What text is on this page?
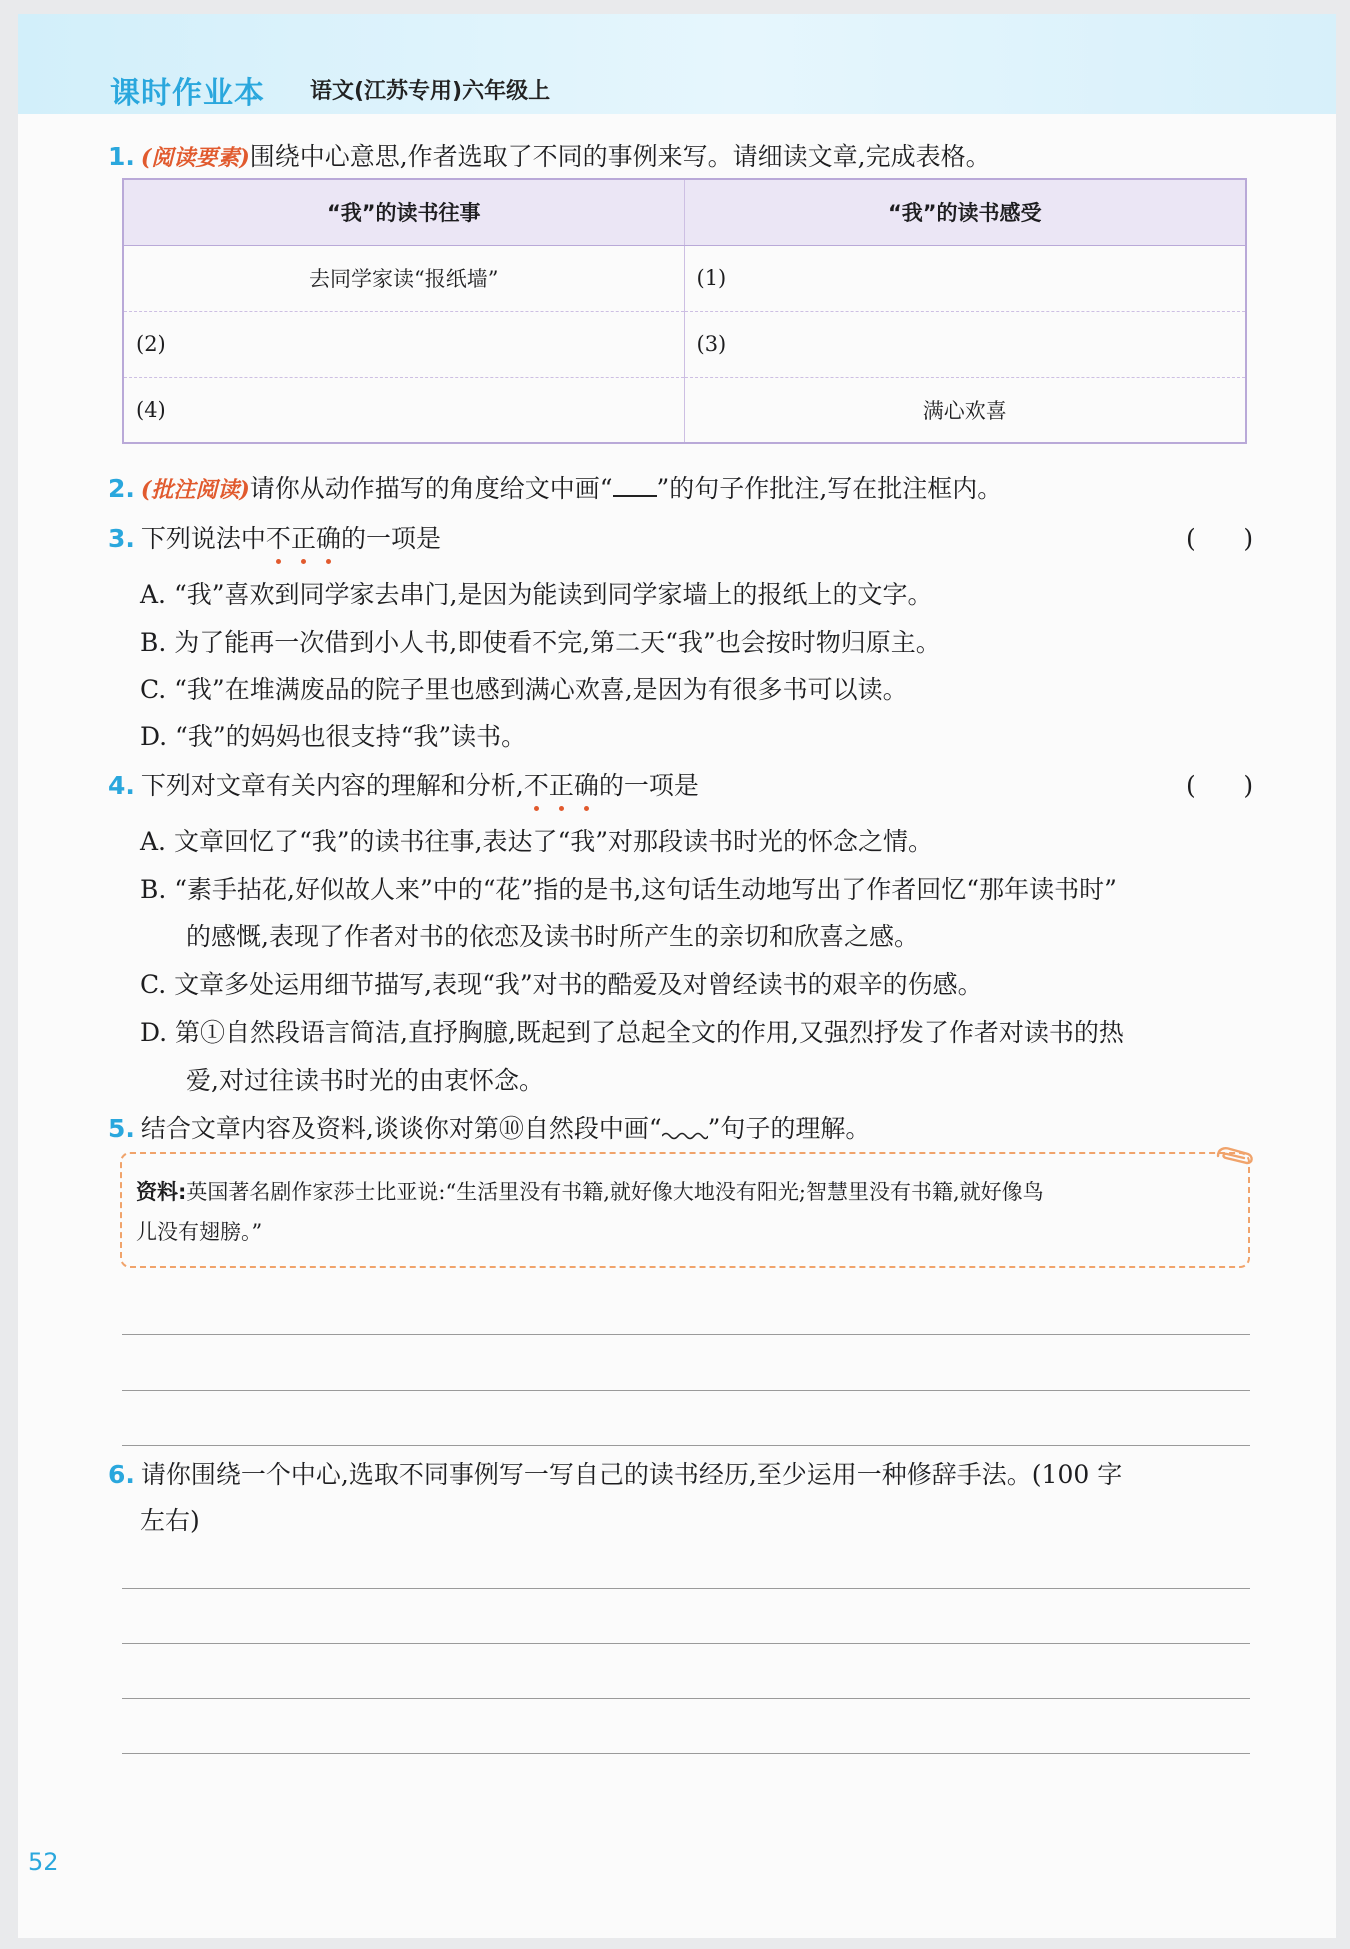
课时作业本 语文(江苏专用)六年级上
1. (阅读要素)围绕中心意思,作者选取了不同的事例来写。请细读文章,完成表格。
“我”的读书往事	“我”的读书感受
去同学家读“报纸墙”	(1)
(2)	(3)
(4)	满心欢喜
2. (批注阅读)请你从动作描写的角度给文中画“ ”的句子作批注,写在批注框内。
3. 下列说法中不正确的一项是	(      )
A. “我”喜欢到同学家去串门,是因为能读到同学家墙上的报纸上的文字。
B. 为了能再一次借到小人书,即使看不完,第二天“我”也会按时物归原主。
C. “我”在堆满废品的院子里也感到满心欢喜,是因为有很多书可以读。
D. “我”的妈妈也很支持“我”读书。
4. 下列对文章有关内容的理解和分析,不正确的一项是	(      )
A. 文章回忆了“我”的读书往事,表达了“我”对那段读书时光的怀念之情。
B. “素手拈花,好似故人来”中的“花”指的是书,这句话生动地写出了作者回忆“那年读书时”
的感慨,表现了作者对书的依恋及读书时所产生的亲切和欣喜之感。
C. 文章多处运用细节描写,表现“我”对书的酷爱及对曾经读书的艰辛的伤感。
D. 第①自然段语言简洁,直抒胸臆,既起到了总起全文的作用,又强烈抒发了作者对读书的热
爱,对过往读书时光的由衷怀念。
5. 结合文章内容及资料,谈谈你对第⑩自然段中画“ ”句子的理解。
资料:英国著名剧作家莎士比亚说:“生活里没有书籍,就好像大地没有阳光;智慧里没有书籍,就好像鸟
儿没有翅膀。”
6. 请你围绕一个中心,选取不同事例写一写自己的读书经历,至少运用一种修辞手法。(100 字
左右)
52
